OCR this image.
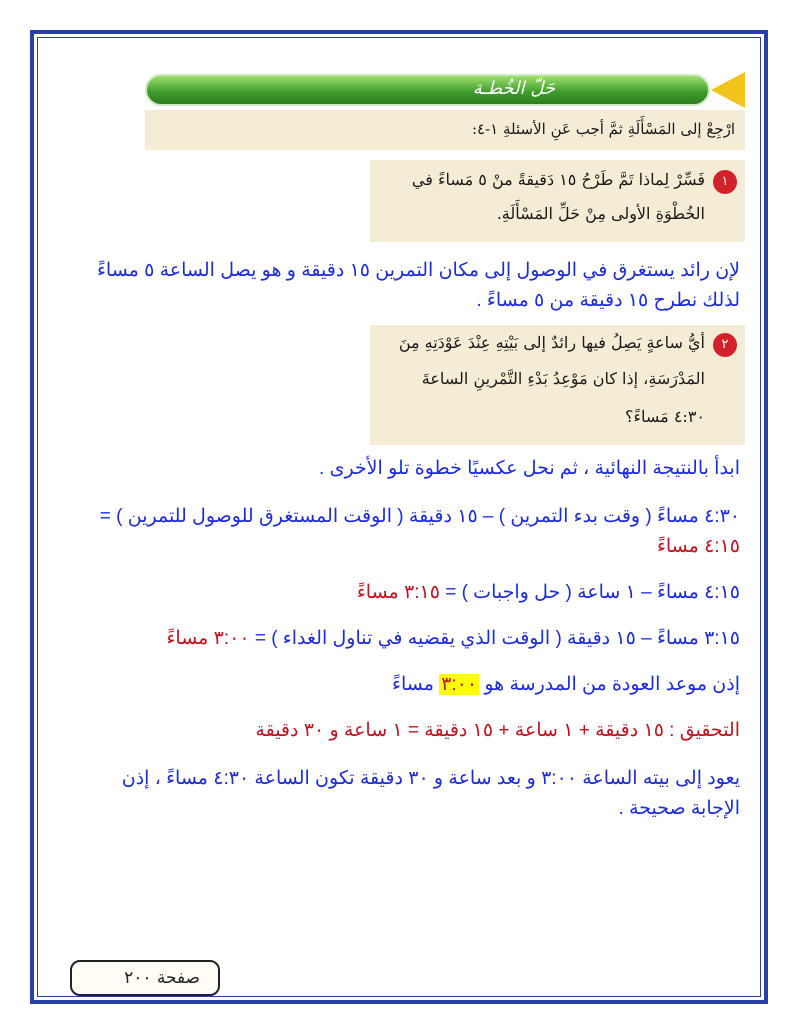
حَلّ الخُطـة
ارْجِعْ إلى المَسْأَلَةِ ثمَّ أجب عَنِ الأسئلةِ ١-٤:
١
فَسِّرْ لِماذا تَمَّ طَرْحُ ١٥ دَقيقةً منْ ٥ مَساءً في
الخُطْوَةِ الأولى مِنْ حَلِّ المَسْأَلَةِ.
لإن رائد يستغرق في الوصول إلى مكان التمرين ١٥ دقيقة و هو يصل الساعة ٥ مساءً
لذلك نطرح ١٥ دقيقة من ٥ مساءً .
٢
أيُّ ساعةٍ يَصِلُ فيها رائدٌ إلى بَيْتِهِ عِنْدَ عَوْدَتِهِ مِنَ
المَدْرَسَةِ، إذا كان مَوْعِدُ بَدْءِ التَّمْرينِ الساعةَ
٤:٣٠ مَساءً؟
ابدأ بالنتيجة النهائية ، ثم نحل عكسيًا خطوة تلو الأخرى .
٤:٣٠ مساءً ( وقت بدء التمرين ) – ١٥ دقيقة ( الوقت المستغرق للوصول للتمرين ) =
٤:١٥ مساءً
٤:١٥ مساءً – ١ ساعة ( حل واجبات ) = ٣:١٥ مساءً
٣:١٥ مساءً – ١٥ دقيقة ( الوقت الذي يقضيه في تناول الغداء ) = ٣:٠٠ مساءً
إذن موعد العودة من المدرسة هو ٣:٠٠ مساءً
التحقيق : ١٥ دقيقة + ١ ساعة + ١٥ دقيقة = ١ ساعة و ٣٠ دقيقة
يعود إلى بيته الساعة ٣:٠٠ و بعد ساعة و ٣٠ دقيقة تكون الساعة ٤:٣٠ مساءً ، إذن
الإجابة صحيحة .
صفحة ٢٠٠
